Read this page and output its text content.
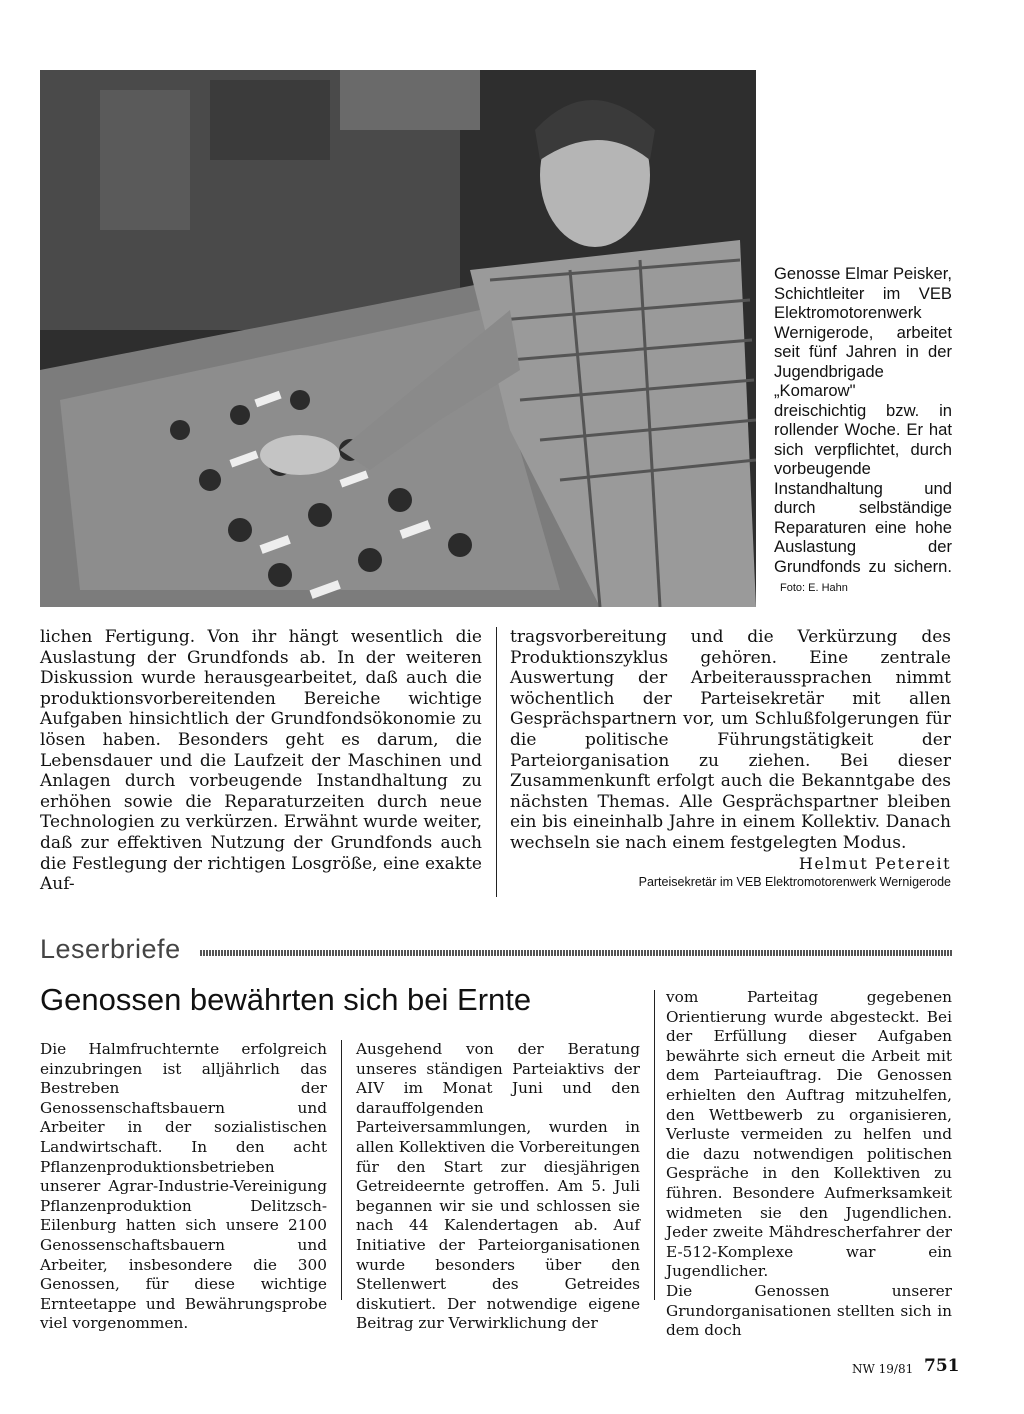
Genosse Elmar Peisker, Schichtleiter im VEB Elektromotorenwerk Wernigerode, arbeitet seit fünf Jahren in der Jugendbrigade „Komarow" dreischichtig bzw. in rollender Woche. Er hat sich verpflichtet, durch vorbeugende Instandhaltung und durch selbständige Reparaturen eine hohe Auslastung der Grundfonds zu sichern. Foto: E. Hahn

lichen Fertigung. Von ihr hängt wesentlich die Auslastung der Grundfonds ab. In der weiteren Diskussion wurde herausgearbeitet, daß auch die produktionsvorbereitenden Bereiche wichtige Aufgaben hinsichtlich der Grundfondsökonomie zu lösen haben. Besonders geht es darum, die Lebensdauer und die Laufzeit der Maschinen und Anlagen durch vorbeugende Instandhaltung zu erhöhen sowie die Reparaturzeiten durch neue Technologien zu verkürzen. Erwähnt wurde weiter, daß zur effektiven Nutzung der Grundfonds auch die Festlegung der richtigen Losgröße, eine exakte Auf-

tragsvorbereitung und die Verkürzung des Produktionszyklus gehören. Eine zentrale Auswertung der Arbeiteraussprachen nimmt wöchentlich der Parteisekretär mit allen Gesprächspartnern vor, um Schlußfolgerungen für die politische Führungstätigkeit der Parteiorganisation zu ziehen. Bei dieser Zusammenkunft erfolgt auch die Bekanntgabe des nächsten Themas. Alle Gesprächspartner bleiben ein bis eineinhalb Jahre in einem Kollektiv. Danach wechseln sie nach einem festgelegten Modus.

Helmut Petereit

Parteisekretär im VEB Elektromotorenwerk Wernigerode

Leserbriefe
Genossen bewährten sich bei Ernte

Die Halmfruchternte erfolgreich einzubringen ist alljährlich das Bestreben der Genossenschaftsbauern und Arbeiter in der sozialistischen Landwirtschaft. In den acht Pflanzenproduktionsbetrieben unserer Agrar-Industrie-Vereinigung Pflanzenproduktion Delitzsch-Eilenburg hatten sich unsere 2100 Genossenschaftsbauern und Arbeiter, insbesondere die 300 Genossen, für diese wichtige Ernteetappe und Bewährungsprobe viel vorgenommen.

Ausgehend von der Beratung unseres ständigen Parteiaktivs der AIV im Monat Juni und den darauffolgenden Parteiversammlungen, wurden in allen Kollektiven die Vorbereitungen für den Start zur diesjährigen Getreideernte getroffen. Am 5. Juli begannen wir sie und schlossen sie nach 44 Kalendertagen ab. Auf Initiative der Parteiorganisationen wurde besonders über den Stellenwert des Getreides diskutiert. Der notwendige eigene Beitrag zur Verwirklichung der

vom Parteitag gegebenen Orientierung wurde abgesteckt. Bei der Erfüllung dieser Aufgaben bewährte sich erneut die Arbeit mit dem Parteiauftrag. Die Genossen erhielten den Auftrag mitzuhelfen, den Wettbewerb zu organisieren, Verluste vermeiden zu helfen und die dazu notwendigen politischen Gespräche in den Kollektiven zu führen. Besondere Aufmerksamkeit widmeten sie den Jugendlichen. Jeder zweite Mähdrescherfahrer der E-512-Komplexe war ein Jugendlicher.

Die Genossen unserer Grundorganisationen stellten sich in dem doch

NW 19/81 751
